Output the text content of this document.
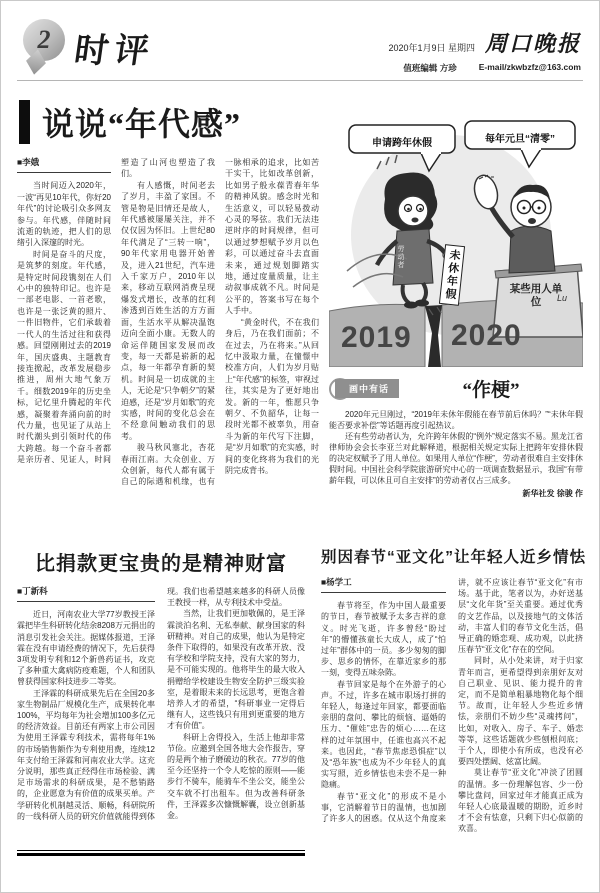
2 时评	2020年1月9日 星期四 周口晚报
值班编辑 方珍	E-mail/zkwbzfz@163.com
说说“年代感”
■李娥

当时间迈入2020年，一波“再见10年代，你好20年代”的讨论吸引众多网友参与。年代感，伴随时间流逝的轨迹，把人们的思绪引入深邃的时光。

时间是奋斗的尺度，是筑梦的刻度。年代感，是特定时间段镌刻在人们心中的独特印记。也许是一部老电影、一首老歌，也许是一张泛黄的照片、一件旧物件，它们承载着一代人的生活过往和获得感。回望刚刚过去的2019年，国庆盛典、主题教育接连掀起，改革发展稳步推进，周州大地气象万千。细数2019年的历史坐标，记忆里升腾起的年代感，凝聚着奔涌向前的时代力量，也见证了从站上时代潮头到引领时代的伟大跨越。每一个奋斗者都是亲历者、见证人，时间塑造了山河也塑造了我们。

有人感慨，时间老去了岁月，丰盈了家国。不管是物是旧情还是故人，年代感被屡屡关注，并不仅仅因为怀旧。上世纪80年代满足了“三转一响”，90年代家用电器开始普及，进入21世纪，汽车进入千家万户，2010年以来，移动互联网消费呈现爆发式增长，改革的红利渗透到百姓生活的方方面面，生活水平从解决温饱迈向全面小康。无数人的命运伴随国家发展而改变，每一天都是崭新的起点，每一年都孕育新的契机。时间是一切成就的主人，无论是“只争朝夕”的紧迫感，还是“岁月如歌”的充实感，时间的变化总会在不经意间触动我们的思考。

骏马秋风塞北，杏花春雨江南。大众创业、万众创新，每代人都有属于自己的际遇和机缘，也有一脉相承的追求，比如苦干实干，比如改革创新，比如男子般永葆青春年华的精神风貌。感念时光和生活意义，可以轻易拨动心灵的琴弦。我们无法违逆时序的时间规律，但可以通过梦想赋予岁月以色彩，可以通过奋斗去直面未来，通过规划脚踏实地，通过度量质量，让主动叙事成就不凡。时间是公平的，答案书写在每个人手中。

“黄金时代，不在我们身后，乃在我们面前；不在过去，乃在将来。”从回忆中汲取力量，在憧憬中校准方向，人们为岁月贴上“年代感”的标签，审视过往，其实是为了更好地出发。新的一年，惟愿只争朝夕、不负韶华，让每一段时光都不被辜负，用奋斗为新的年代写下注脚，是“岁月如歌”的充实感，时间的变化终将为我们的光阴完成背书。

申请跨年休假	每年元旦“清零”
未休年假
劳动者
某些用人单位
2019 2020
Lu
画中有话	“作梗”

2020年元旦刚过，“2019年未休年假能在春节前后休吗？”“未休年假能否要求补偿”等话题再度引起热议。

还有些劳动者认为，允许跨年休假的“例外”规定落实不易。黑龙江省律师协会会长李亚兰对此解释道，根据相关规定实际上把跨年安排休假的决定权赋予了用人单位。如果用人单位“作梗”，劳动者很难自主安排休假时间。中国社会科学院旅游研究中心的一项调查数据显示，我国“有带薪年假，可以休且可自主安排”的劳动者仅占三成多。

新华社发 徐骏 作
比捐款更宝贵的是精神财富
■丁新科

近日，河南农业大学77岁教授王泽霖把毕生科研转化结余8208万元捐出的消息引发社会关注。据媒体报道，王泽霖在没有申请经费的情况下，先后获得3项发明专利和12个新兽药证书，攻克了多种重大禽病防疫难题，个人和团队曾获得国家科技进步二等奖。

王泽霖的科研成果先后在全国20多家生物制品厂规模化生产，成果转化率100%，平均每年为社会增加100多亿元的经济效益。目前还有两家上市公司因为使用王泽霖专利技术，需将每年1%的市场销售额作为专利使用费，连续12年支付给王泽霖和河南农业大学。这充分说明，那些真正经得住市场检验、满足市场需求的科研成果，是不愁销路的，企业愿意为有价值的成果买单。产学研转化机制越灵活、顺畅，科研院所的一线科研人员的研究价值就能得到体现。我们也希望越来越多的科研人员像王教授一样，从专利技术中受益。

当然，让我们更加敬佩的，是王泽霖淡泊名利、无私奉献、献身国家的科研精神。对自己的成果，他认为是特定条件下取得的，如果没有改革开放、没有学校和学院支持，没有大家的努力，是不可能实现的。他将毕生的最大收入捐赠给学校建设生物安全防护三级实验室，是着眼未来的长远思考，更饱含着培养人才的希望，“科研事业一定得后继有人，这些钱只有用到更重要的地方才有价值”。

科研上舍得投入，生活上他却非常节俭。应邀到全国各地大会作报告，穿的是两个袖子磨破边的秋衣。77岁的他至今还坚持一个令人吃惊的原则——能步行不骑车，能骑车不坐公交，能坐公交车就不打出租车。但为改善科研条件，王泽霖多次慷慨解囊，设立创新基金。

别因春节“亚文化”让年轻人近乡情怯
■杨学工

春节将至，作为中国人最重要的节日，春节被赋予太多吉祥的意义。时光飞逝，许多曾经“盼过年”的懵懂孩童长大成人，成了“怕过年”群体中的一员。多少匆匆的脚步、思乡的情怀，在靠近家乡的那一刻，变得五味杂陈。

春节回家是每个在外游子的心声。不过，许多在城市职场打拼的年轻人，每逢过年回家，都要面临亲朋的盘问、攀比的烦恼、逼婚的压力、“催娃”忠告的烦心……在这样的过年氛围中，任谁也高兴不起来。也因此，“春节焦虑恐惧症”以及“恐年族”也成为不少年轻人的真实写照，近乡情怯也未尝不是一种隐痛。

春节“亚文化”的形成不是小事，它消解着节日的温情，也加剧了许多人的困惑。仅从这个角度来讲，就不应该让春节“亚文化”有市场。基于此，笔者以为，办好送基层“文化年货”至关重要。通过优秀的文艺作品，以及接地气的文体活动，丰富人们的春节文化生活，倡导正确的婚恋观、成功观，以此挤压春节“亚文化”存在的空间。

同时，从小处来讲，对于归家青年而言，更希望得到亲朋好友对自己职业、见识、能力提升的肯定，而不是简单粗暴地物化每个细节。故而，让年轻人少些近乡情怯，亲朋们不妨少些“灵魂拷问”，比如，对收入、房子、车子、婚恋等等，这些话题就少些刨根问底；于个人，即使小有所成，也没有必要四处摆阔、炫富比阔。

莫让春节“亚文化”冲淡了团圆的温情。多一份理解包容、少一份攀比盘问，回家过年才能真正成为年轻人心底最温暖的期盼，近乡时才不会有怯意，只剩下归心似箭的欢喜。
